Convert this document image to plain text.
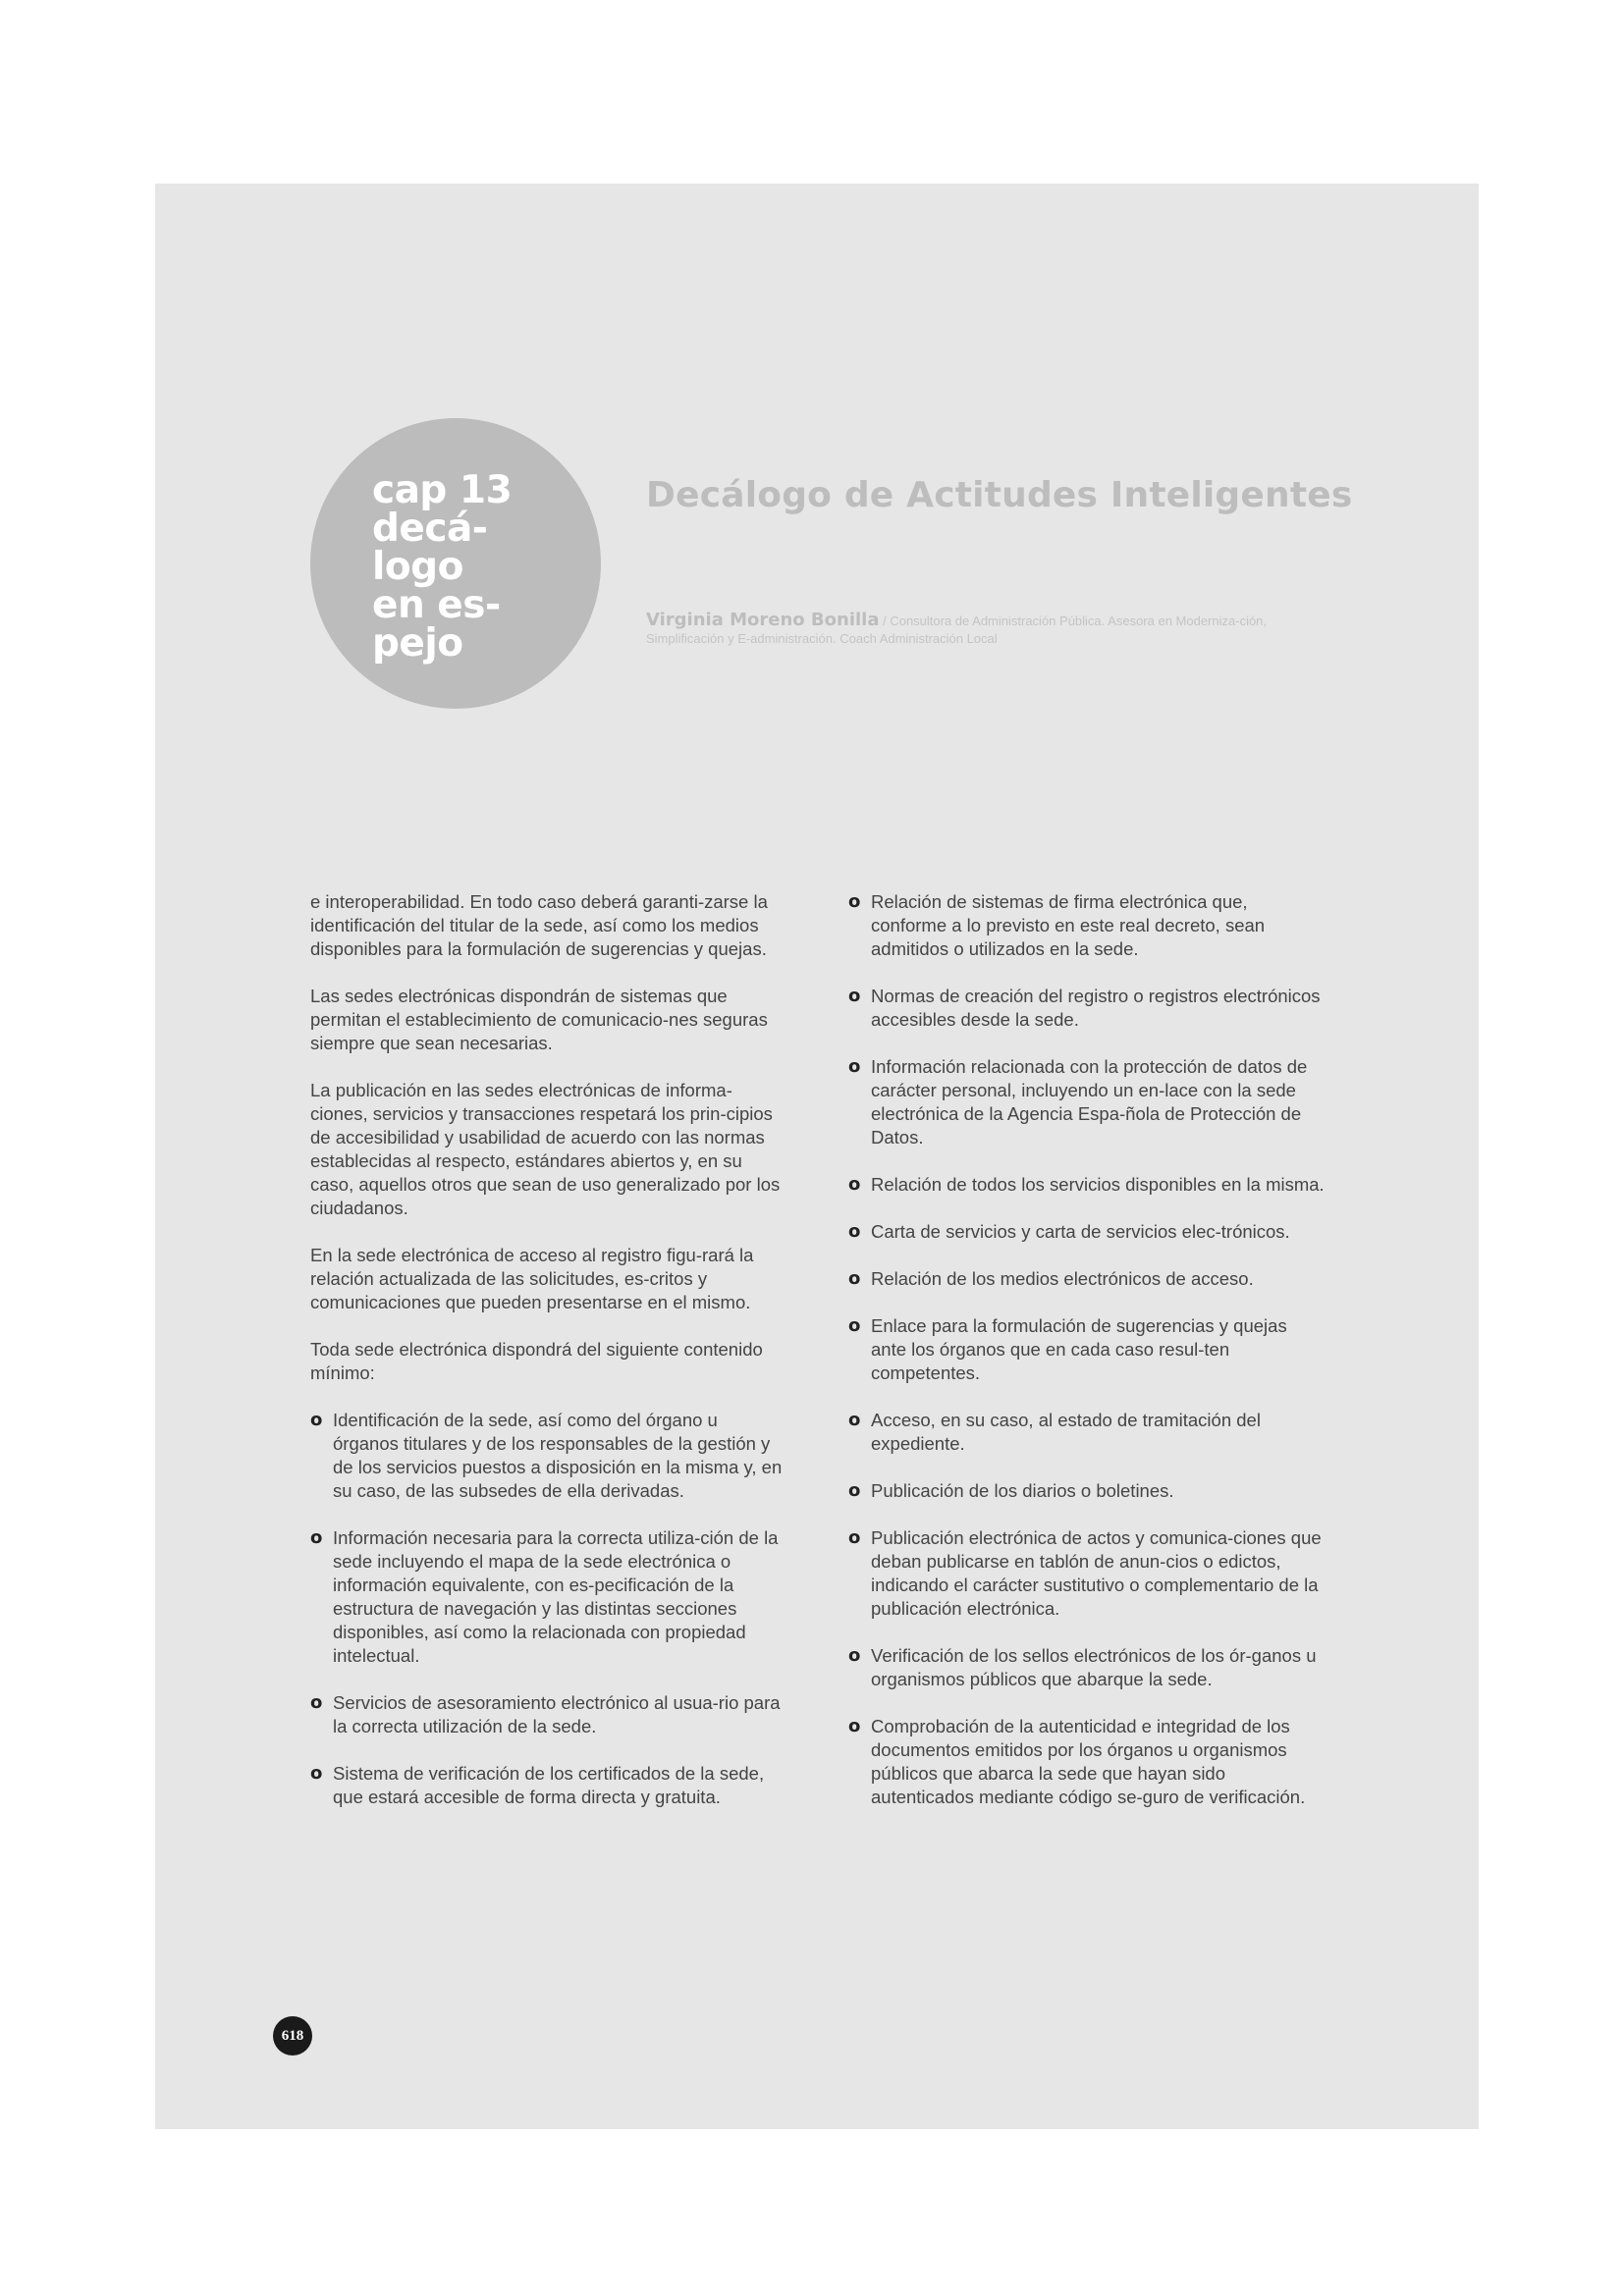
cap 13
decá-
logo
en es-
pejo
Decálogo de Actitudes Inteligentes

Virginia Moreno Bonilla / Consultora de Administración Pública. Asesora en Moderniza-ción, Simplificación y E-administración. Coach Administración Local

e interoperabilidad. En todo caso deberá garanti-zarse la identificación del titular de la sede, así como los medios disponibles para la formulación de sugerencias y quejas.

Las sedes electrónicas dispondrán de sistemas que permitan el establecimiento de comunicacio-nes seguras siempre que sean necesarias.

La publicación en las sedes electrónicas de informa-ciones, servicios y transacciones respetará los prin-cipios de accesibilidad y usabilidad de acuerdo con las normas establecidas al respecto, estándares abiertos y, en su caso, aquellos otros que sean de uso generalizado por los ciudadanos.

En la sede electrónica de acceso al registro figu-rará la relación actualizada de las solicitudes, es-critos y comunicaciones que pueden presentarse en el mismo.

Toda sede electrónica dispondrá del siguiente contenido mínimo:

o Identificación de la sede, así como del órgano u órganos titulares y de los responsables de la gestión y de los servicios puestos a disposición en la misma y, en su caso, de las subsedes de ella derivadas.
o Información necesaria para la correcta utiliza-ción de la sede incluyendo el mapa de la sede electrónica o información equivalente, con es-pecificación de la estructura de navegación y las distintas secciones disponibles, así como la relacionada con propiedad intelectual.
o Servicios de asesoramiento electrónico al usua-rio para la correcta utilización de la sede.
o Sistema de verificación de los certificados de la sede, que estará accesible de forma directa y gratuita.
o Relación de sistemas de firma electrónica que, conforme a lo previsto en este real decreto, sean admitidos o utilizados en la sede.
o Normas de creación del registro o registros electrónicos accesibles desde la sede.
o Información relacionada con la protección de datos de carácter personal, incluyendo un en-lace con la sede electrónica de la Agencia Espa-ñola de Protección de Datos.
o Relación de todos los servicios disponibles en la misma.
o Carta de servicios y carta de servicios elec-trónicos.
o Relación de los medios electrónicos de acceso.
o Enlace para la formulación de sugerencias y quejas ante los órganos que en cada caso resul-ten competentes.
o Acceso, en su caso, al estado de tramitación del expediente.
o Publicación de los diarios o boletines.
o Publicación electrónica de actos y comunica-ciones que deban publicarse en tablón de anun-cios o edictos, indicando el carácter sustitutivo o complementario de la publicación electrónica.
o Verificación de los sellos electrónicos de los ór-ganos u organismos públicos que abarque la sede.
o Comprobación de la autenticidad e integridad de los documentos emitidos por los órganos u organismos públicos que abarca la sede que hayan sido autenticados mediante código se-guro de verificación.
618
